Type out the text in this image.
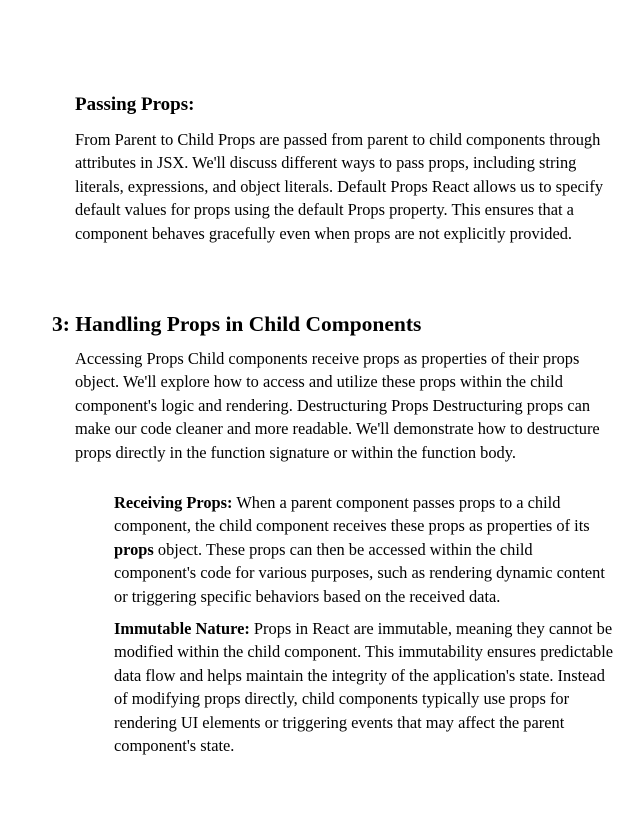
Passing Props:

From Parent to Child Props are passed from parent to child components through attributes in JSX. We'll discuss different ways to pass props, including string literals, expressions, and object literals. Default Props React allows us to specify default values for props using the default Props property. This ensures that a component behaves gracefully even when props are not explicitly provided.

3: Handling Props in Child Components

Accessing Props Child components receive props as properties of their props object. We'll explore how to access and utilize these props within the child component's logic and rendering. Destructuring Props Destructuring props can make our code cleaner and more readable. We'll demonstrate how to destructure props directly in the function signature or within the function body.

Receiving Props: When a parent component passes props to a child component, the child component receives these props as properties of its props object. These props can then be accessed within the child component's code for various purposes, such as rendering dynamic content or triggering specific behaviors based on the received data.

Immutable Nature: Props in React are immutable, meaning they cannot be modified within the child component. This immutability ensures predictable data flow and helps maintain the integrity of the application's state. Instead of modifying props directly, child components typically use props for rendering UI elements or triggering events that may affect the parent component's state.
